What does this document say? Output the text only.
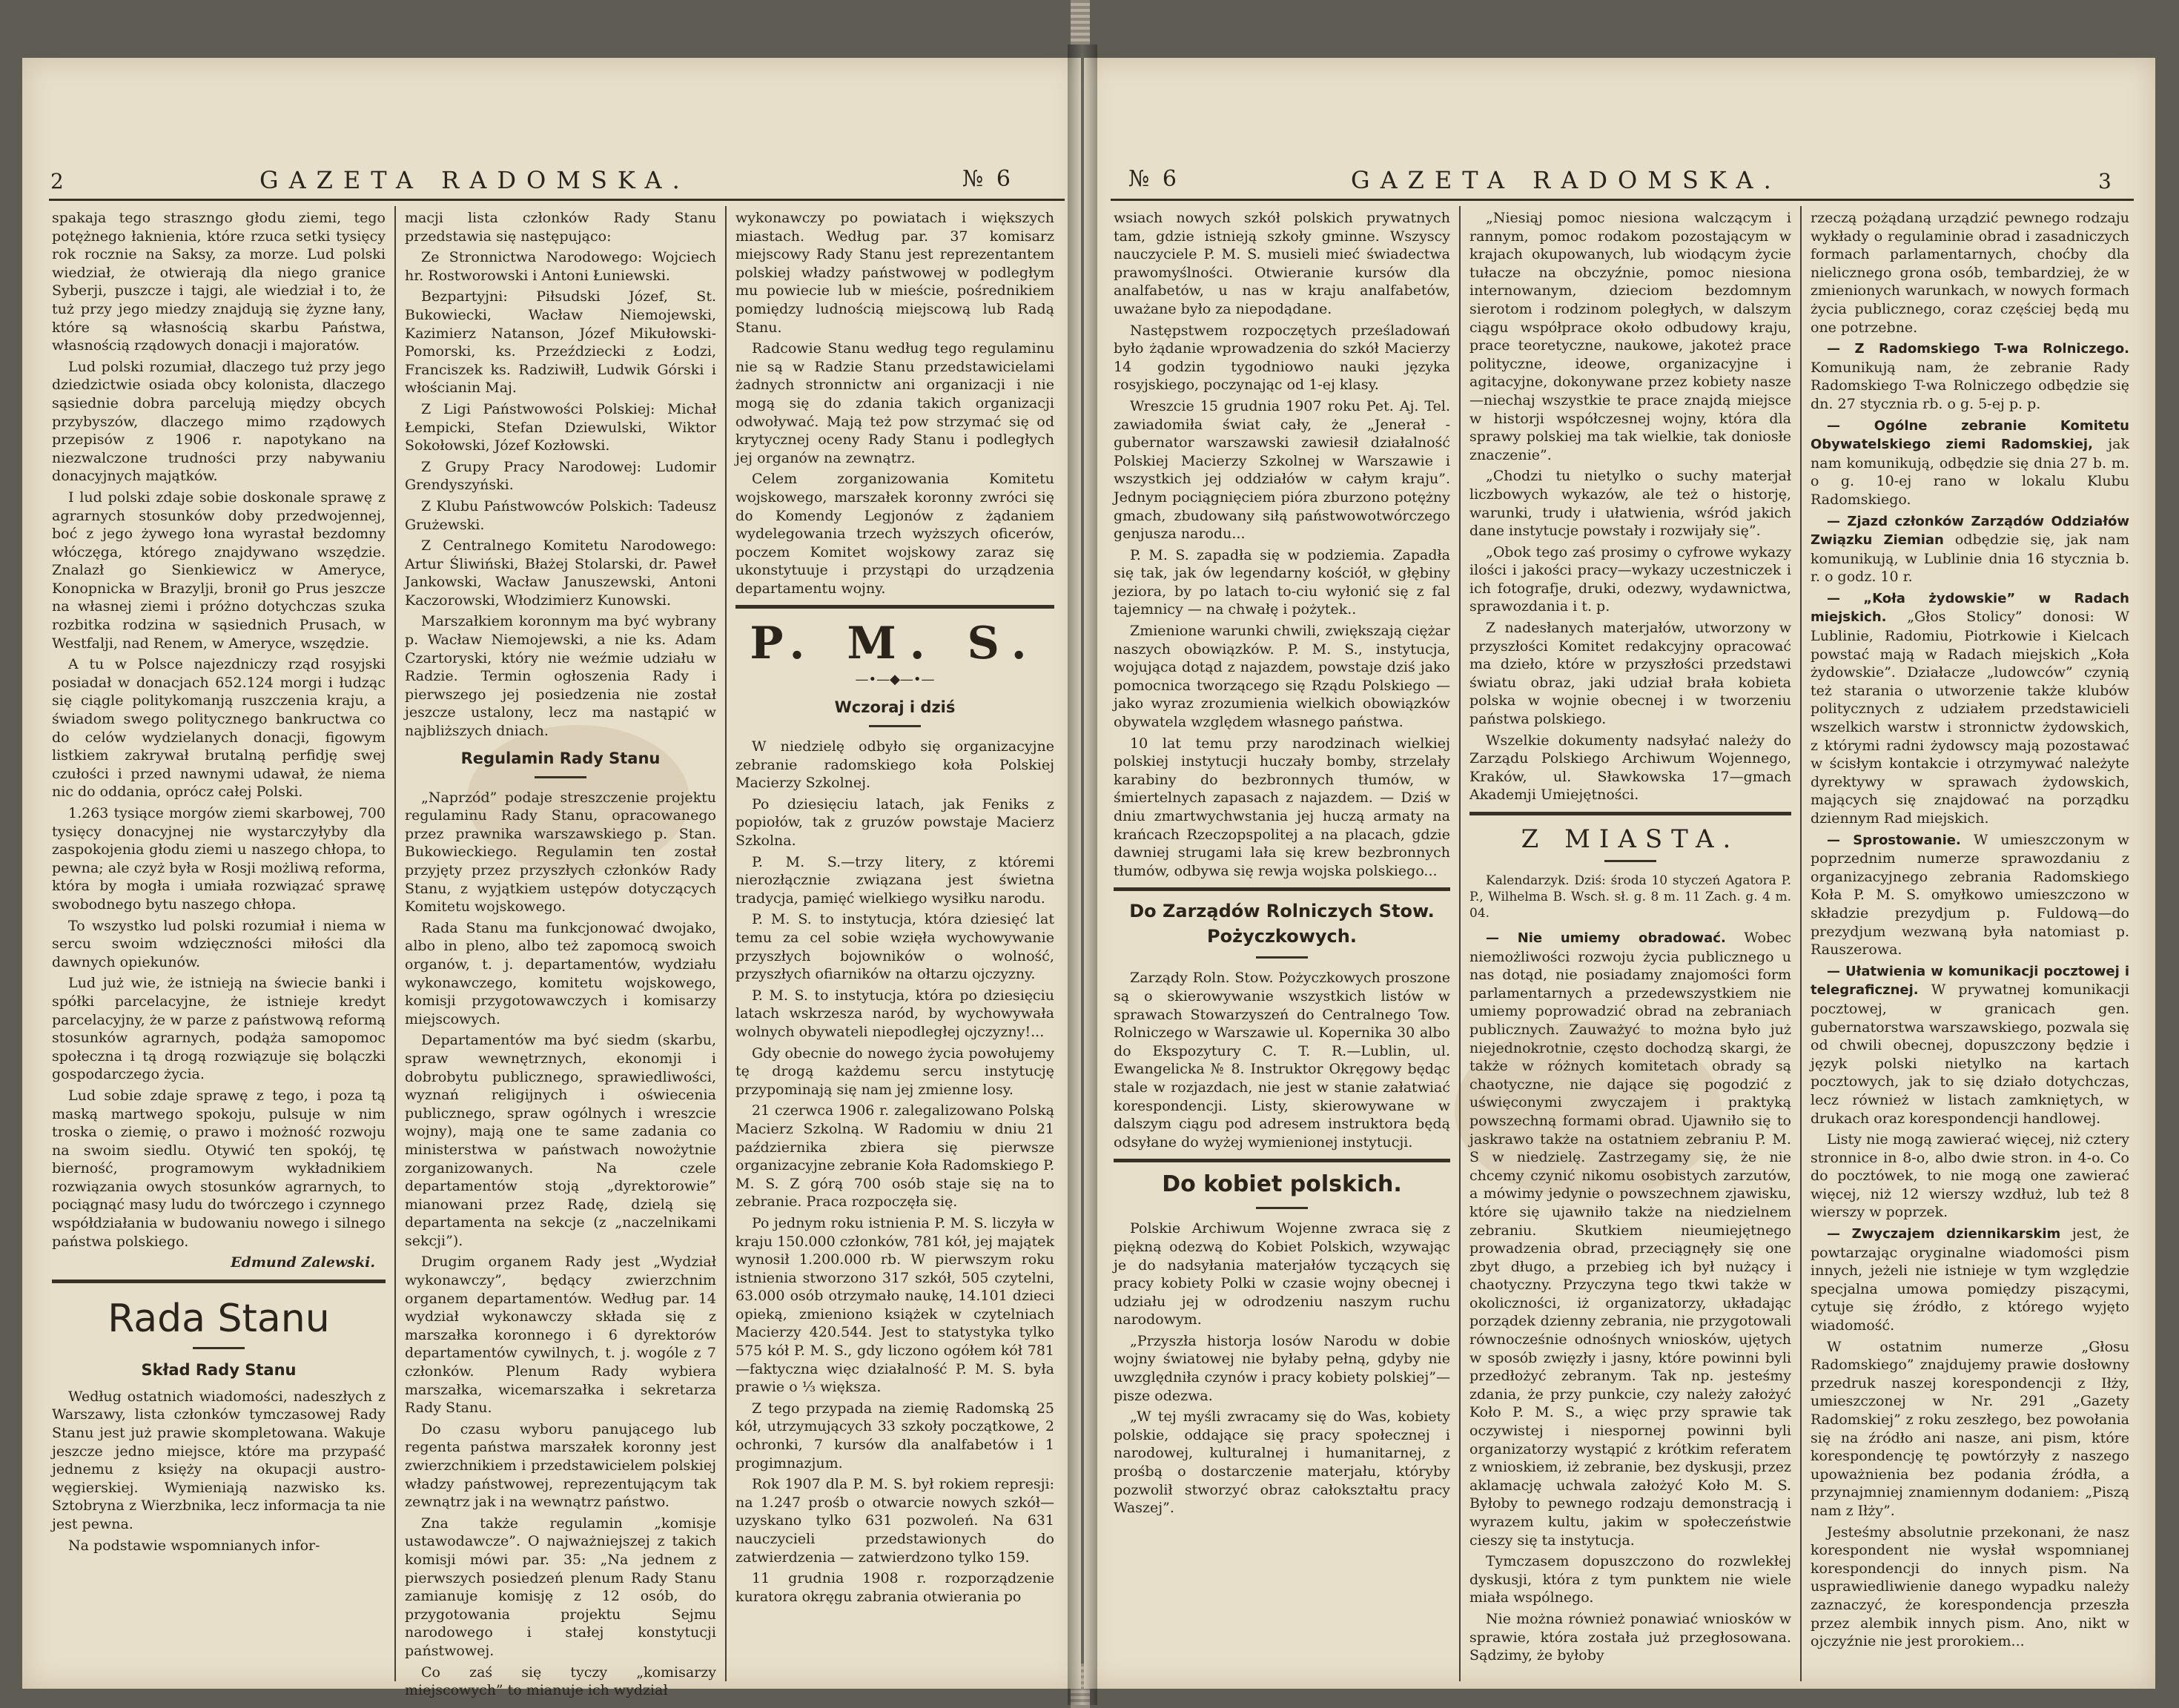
2	GAZETA RADOMSKA.	№ 6

spakaja tego straszngo głodu ziemi, tego potężnego łaknienia, które rzuca setki tysięcy rok rocznie na Saksy, za morze. Lud polski wiedział, że otwierają dla niego granice Syberji, puszcze i tajgi, ale wiedział i to, że tuż przy jego miedzy znajdują się żyzne łany, które są własnością skarbu Państwa, własnością rządowych donacji i majoratów.

Lud polski rozumiał, dlaczego tuż przy jego dziedzictwie osiada obcy kolonista, dlaczego sąsiednie dobra parcelują między obcych przybyszów, dlaczego mimo rządowych przepisów z 1906 r. napotykano na niezwalczone trudności przy nabywaniu donacyjnych majątków.

I lud polski zdaje sobie doskonale sprawę z agrarnych stosunków doby przedwojennej, boć z jego żywego łona wyrastał bezdomny włóczęga, którego znajdywano wszędzie. Znalazł go Sienkiewicz w Ameryce, Konopnicka w Brazylji, bronił go Prus jeszcze na własnej ziemi i próżno dotychczas szuka rozbitka rodzina w sąsiednich Prusach, w Westfalji, nad Renem, w Ameryce, wszędzie.

A tu w Polsce najezdniczy rząd rosyjski posiadał w donacjach 652.124 morgi i łudząc się ciągle politykomanją ruszczenia kraju, a świadom swego politycznego bankructwa co do celów wydzielanych donacji, figowym listkiem zakrywał brutalną perfidję swej czułości i przed nawnymi udawał, że niema nic do oddania, oprócz całej Polski.

1.263 tysiące morgów ziemi skarbowej, 700 tysięcy donacyjnej nie wystarczyłyby dla zaspokojenia głodu ziemi u naszego chłopa, to pewna; ale czyż była w Rosji możliwą reforma, która by mogła i umiała rozwiązać sprawę swobodnego bytu naszego chłopa.

To wszystko lud polski rozumiał i niema w sercu swoim wdzięczności miłości dla dawnych opiekunów.

Lud już wie, że istnieją na świecie banki i spółki parcelacyjne, że istnieje kredyt parcelacyjny, że w parze z państwową reformą stosunków agrarnych, podąża samopomoc społeczna i tą drogą rozwiązuje się bolączki gospodarczego życia.

Lud sobie zdaje sprawę z tego, i poza tą maską martwego spokoju, pulsuje w nim troska o ziemię, o prawo i możność rozwoju na swoim siedlu. Otywić ten spokój, tę bierność, programowym wykładnikiem rozwiązania owych stosunków agrarnych, to pociągnąć masy ludu do twórczego i czynnego współdziałania w budowaniu nowego i silnego państwa polskiego.

Edmund Zalewski.

Rada Stanu
Skład Rady Stanu

Według ostatnich wiadomości, nadeszłych z Warszawy, lista członków tymczasowej Rady Stanu jest już prawie skompletowana. Wakuje jeszcze jedno miejsce, które ma przypaść jednemu z księży na okupacji austro-węgierskiej. Wymieniają nazwisko ks. Sztobryna z Wierzbnika, lecz informacja ta nie jest pewna.

Na podstawie wspomnianych infor-

macji lista członków Rady Stanu przedstawia się następująco:

Ze Stronnictwa Narodowego: Wojciech hr. Rostworowski i Antoni Łuniewski.

Bezpartyjni: Piłsudski Józef, St. Bukowiecki, Wacław Niemojewski, Kazimierz Natanson, Józef Mikułowski-Pomorski, ks. Przeździecki z Łodzi, Franciszek ks. Radziwiłł, Ludwik Górski i włościanin Maj.

Z Ligi Państwowości Polskiej: Michał Łempicki, Stefan Dziewulski, Wiktor Sokołowski, Józef Kozłowski.

Z Grupy Pracy Narodowej: Ludomir Grendyszyński.

Z Klubu Państwowców Polskich: Tadeusz Grużewski.

Z Centralnego Komitetu Narodowego: Artur Śliwiński, Błażej Stolarski, dr. Paweł Jankowski, Wacław Januszewski, Antoni Kaczorowski, Włodzimierz Kunowski.

Marszałkiem koronnym ma być wybrany p. Wacław Niemojewski, a nie ks. Adam Czartoryski, który nie weźmie udziału w Radzie. Termin ogłoszenia Rady i pierwszego jej posiedzenia nie został jeszcze ustalony, lecz ma nastąpić w najbliższych dniach.

Regulamin Rady Stanu

„Naprzód” podaje streszczenie projektu regulaminu Rady Stanu, opracowanego przez prawnika warszawskiego p. Stan. Bukowieckiego. Regulamin ten został przyjęty przez przyszłych członków Rady Stanu, z wyjątkiem ustępów dotyczących Komitetu wojskowego.

Rada Stanu ma funkcjonować dwojako, albo in pleno, albo też zapomocą swoich organów, t. j. departamentów, wydziału wykonawczego, komitetu wojskowego, komisji przygotowawczych i komisarzy miejscowych.

Departamentów ma być siedm (skarbu, spraw wewnętrznych, ekonomji i dobrobytu publicznego, sprawiedliwości, wyznań religijnych i oświecenia publicznego, spraw ogólnych i wreszcie wojny), mają one te same zadania co ministerstwa w państwach nowożytnie zorganizowanych. Na czele departamentów stoją „dyrektorowie” mianowani przez Radę, dzielą się departamenta na sekcje (z „naczelnikami sekcji”).

Drugim organem Rady jest „Wydział wykonawczy”, będący zwierzchnim organem departamentów. Według par. 14 wydział wykonawczy składa się z marszałka koronnego i 6 dyrektorów departamentów cywilnych, t. j. wogóle z 7 członków. Plenum Rady wybiera marszałka, wicemarszałka i sekretarza Rady Stanu.

Do czasu wyboru panującego lub regenta państwa marszałek koronny jest zwierzchnikiem i przedstawicielem polskiej władzy państwowej, reprezentującym tak zewnątrz jak i na wewnątrz państwo.

Zna także regulamin „komisje ustawodawcze”. O najważniejszej z takich komisji mówi par. 35: „Na jednem z pierwszych posiedzeń plenum Rady Stanu zamianuje komisję z 12 osób, do przygotowania projektu Sejmu narodowego i stałej konstytucji państwowej.

Co zaś się tyczy „komisarzy miejscowych” to mianuje ich wydział

wykonawczy po powiatach i większych miastach. Według par. 37 komisarz miejscowy Rady Stanu jest reprezentantem polskiej władzy państwowej w podległym mu powiecie lub w mieście, pośrednikiem pomiędzy ludnością miejscową lub Radą Stanu.

Radcowie Stanu według tego regulaminu nie są w Radzie Stanu przedstawicielami żadnych stronnictw ani organizacji i nie mogą się do zdania takich organizacji odwoływać. Mają też pow strzymać się od krytycznej oceny Rady Stanu i podległych jej organów na zewnątrz.

Celem zorganizowania Komitetu wojskowego, marszałek koronny zwróci się do Komendy Legjonów z żądaniem wydelegowania trzech wyższych oficerów, poczem Komitet wojskowy zaraz się ukonstytuuje i przystąpi do urządzenia departamentu wojny.

P. M. S.
—•—◆—•—
Wczoraj i dziś

W niedzielę odbyło się organizacyjne zebranie radomskiego koła Polskiej Macierzy Szkolnej.

Po dziesięciu latach, jak Feniks z popiołów, tak z gruzów powstaje Macierz Szkolna.

P. M. S.—trzy litery, z któremi nierozłącznie związana jest świetna tradycja, pamięć wielkiego wysiłku narodu.

P. M. S. to instytucja, która dziesięć lat temu za cel sobie wzięła wychowywanie przyszłych bojowników o wolność, przyszłych ofiarników na ołtarzu ojczyzny.

P. M. S. to instytucja, która po dziesięciu latach wskrzesza naród, by wychowywała wolnych obywateli niepodległej ojczyzny!...

Gdy obecnie do nowego życia powołujemy tę drogą każdemu sercu instytucję przypominają się nam jej zmienne losy.

21 czerwca 1906 r. zalegalizowano Polską Macierz Szkolną. W Radomiu w dniu 21 października zbiera się pierwsze organizacyjne zebranie Koła Radomskiego P. M. S. Z górą 700 osób staje się na to zebranie. Praca rozpoczęła się.

Po jednym roku istnienia P. M. S. liczyła w kraju 150.000 członków, 781 kół, jej majątek wynosił 1.200.000 rb. W pierwszym roku istnienia stworzono 317 szkół, 505 czytelni, 63.000 osób otrzymało naukę, 14.101 dzieci opieką, zmieniono książek w czytelniach Macierzy 420.544. Jest to statystyka tylko 575 kół P. M. S., gdy liczono ogółem kół 781—faktyczna więc działalność P. M. S. była prawie o ⅓ większa.

Z tego przypada na ziemię Radomską 25 kół, utrzymujących 33 szkoły początkowe, 2 ochronki, 7 kursów dla analfabetów i 1 progimnazjum.

Rok 1907 dla P. M. S. był rokiem represji: na 1.247 prośb o otwarcie nowych szkół—uzyskano tylko 631 pozwoleń. Na 631 nauczycieli przedstawionych do zatwierdzenia — zatwierdzono tylko 159.

11 grudnia 1908 r. rozporządzenie kuratora okręgu zabrania otwierania po

№ 6	GAZETA RADOMSKA.	3

wsiach nowych szkół polskich prywatnych tam, gdzie istnieją szkoły gminne. Wszyscy nauczyciele P. M. S. musieli mieć świadectwa prawomyślności. Otwieranie kursów dla analfabetów, u nas w kraju analfabetów, uważane było za niepodądane.

Następstwem rozpoczętych prześladowań było żądanie wprowadzenia do szkół Macierzy 14 godzin tygodniowo nauki języka rosyjskiego, poczynając od 1-ej klasy.

Wreszcie 15 grudnia 1907 roku Pet. Aj. Tel. zawiadomiła świat cały, że „Jenerał - gubernator warszawski zawiesił działalność Polskiej Macierzy Szkolnej w Warszawie i wszystkich jej oddziałów w całym kraju”. Jednym pociągnięciem pióra zburzono potężny gmach, zbudowany siłą państwowotwórczego genjusza narodu...

P. M. S. zapadła się w podziemia. Zapadła się tak, jak ów legendarny kościół, w głębiny jeziora, by po latach to-ciu wyłonić się z fal tajemnicy — na chwałę i pożytek..

Zmienione warunki chwili, zwiększają ciężar naszych obowiązków. P. M. S., instytucja, wojująca dotąd z najazdem, powstaje dziś jako pomocnica tworzącego się Rządu Polskiego — jako wyraz zrozumienia wielkich obowiązków obywatela względem własnego państwa.

10 lat temu przy narodzinach wielkiej polskiej instytucji huczały bomby, strzelały karabiny do bezbronnych tłumów, w śmiertelnych zapasach z najazdem. — Dziś w dniu zmartwychwstania jej huczą armaty na krańcach Rzeczopspolitej a na placach, gdzie dawniej strugami lała się krew bezbronnych tłumów, odbywa się rewja wojska polskiego...

Do Zarządów Rolniczych Stow. Pożyczkowych.

Zarządy Roln. Stow. Pożyczkowych proszone są o skierowywanie wszystkich listów w sprawach Stowarzyszeń do Centralnego Tow. Rolniczego w Warszawie ul. Kopernika 30 albo do Ekspozytury C. T. R.—Lublin, ul. Ewangelicka № 8. Instruktor Okręgowy będąc stale w rozjazdach, nie jest w stanie załatwiać korespondencji. Listy, skierowywane w dalszym ciągu pod adresem instruktora będą odsyłane do wyżej wymienionej instytucji.

Do kobiet polskich.

Polskie Archiwum Wojenne zwraca się z piękną odezwą do Kobiet Polskich, wzywając je do nadsyłania materjałów tyczących się pracy kobiety Polki w czasie wojny obecnej i udziału jej w odrodzeniu naszym ruchu narodowym.

„Przyszła historja losów Narodu w dobie wojny światowej nie byłaby pełną, gdyby nie uwzględniła czynów i pracy kobiety polskiej”—pisze odezwa.

„W tej myśli zwracamy się do Was, kobiety polskie, oddające się pracy społecznej i narodowej, kulturalnej i humanitarnej, z prośbą o dostarczenie materjału, któryby pozwolił stworzyć obraz całokształtu pracy Waszej”.

„Niesiąj pomoc niesiona walczącym i rannym, pomoc rodakom pozostającym w krajach okupowanych, lub wiodącym życie tułacze na obczyźnie, pomoc niesiona internowanym, dzieciom bezdomnym sierotom i rodzinom poległych, w dalszym ciągu współprace około odbudowy kraju, prace teoretyczne, naukowe, jakoteż prace polityczne, ideowe, organizacyjne i agitacyjne, dokonywane przez kobiety nasze —niechaj wszystkie te prace znajdą miejsce w historji współczesnej wojny, która dla sprawy polskiej ma tak wielkie, tak doniosłe znaczenie”.

„Chodzi tu nietylko o suchy materjał liczbowych wykazów, ale też o historję, warunki, trudy i ułatwienia, wśród jakich dane instytucje powstały i rozwijały się”.

„Obok tego zaś prosimy o cyfrowe wykazy ilości i jakości pracy—wykazy uczestniczek i ich fotografje, druki, odezwy, wydawnictwa, sprawozdania i t. p.

Z nadesłanych materjałów, utworzony w przyszłości Komitet redakcyjny opracować ma dzieło, które w przyszłości przedstawi światu obraz, jaki udział brała kobieta polska w wojnie obecnej i w tworzeniu państwa polskiego.

Wszelkie dokumenty nadsyłać należy do Zarządu Polskiego Archiwum Wojennego, Kraków, ul. Sławkowska 17—gmach Akademji Umiejętności.

Z MIASTA.

Kalendarzyk. Dziś: środa 10 styczeń Agatora P. P., Wilhelma B. Wsch. sł. g. 8 m. 11 Zach. g. 4 m. 04.

— Nie umiemy obradować. Wobec niemożliwości rozwoju życia publicznego u nas dotąd, nie posiadamy znajomości form parlamentarnych a przedewszystkiem nie umiemy poprowadzić obrad na zebraniach publicznych. Zauważyć to można było już niejednokrotnie, często dochodzą skargi, że także w różnych komitetach obrady są chaotyczne, nie dające się pogodzić z uświęconymi zwyczajem i praktyką powszechną formami obrad. Ujawniło się to jaskrawo także na ostatniem zebraniu P. M. S w niedzielę. Zastrzegamy się, że nie chcemy czynić nikomu osobistych zarzutów, a mówimy jedynie o powszechnem zjawisku, które się ujawniło także na niedzielnem zebraniu. Skutkiem nieumiejętnego prowadzenia obrad, przeciągnęły się one zbyt długo, a przebieg ich był nużący i chaotyczny. Przyczyna tego tkwi także w okoliczności, iż organizatorzy, układając porządek dzienny zebrania, nie przygotowali równocześnie odnośnych wniosków, ujętych w sposób zwięzły i jasny, które powinni byli przedłożyć zebranym. Tak np. jesteśmy zdania, że przy punkcie, czy należy założyć Koło P. M. S., a więc przy sprawie tak oczywistej i niespornej powinni byli organizatorzy wystąpić z krótkim referatem z wnioskiem, iż zebranie, bez dyskusji, przez aklamację uchwala założyć Koło M. S. Byłoby to pewnego rodzaju demonstracją i wyrazem kultu, jakim w społeczeństwie cieszy się ta instytucja.

Tymczasem dopuszczono do rozwlekłej dyskusji, która z tym punktem nie wiele miała wspólnego.

Nie można również ponawiać wniosków w sprawie, która została już przegłosowana. Sądzimy, że byłoby

rzeczą pożądaną urządzić pewnego rodzaju wykłady o regulaminie obrad i zasadniczych formach parlamentarnych, choćby dla nielicznego grona osób, tembardziej, że w zmienionych warunkach, w nowych formach życia publicznego, coraz częściej będą mu one potrzebne.

— Z Radomskiego T-wa Rolniczego. Komunikują nam, że zebranie Rady Radomskiego T-wa Rolniczego odbędzie się dn. 27 stycznia rb. o g. 5-ej p. p.

— Ogólne zebranie Komitetu Obywatelskiego ziemi Radomskiej, jak nam komunikują, odbędzie się dnia 27 b. m. o g. 10-ej rano w lokalu Klubu Radomskiego.

— Zjazd członków Zarządów Oddziałów Związku Ziemian odbędzie się, jak nam komunikują, w Lublinie dnia 16 stycznia b. r. o godz. 10 r.

— „Koła żydowskie” w Radach miejskich. „Głos Stolicy” donosi: W Lublinie, Radomiu, Piotrkowie i Kielcach powstać mają w Radach miejskich „Koła żydowskie”. Działacze „ludowców” czynią też starania o utworzenie także klubów politycznych z udziałem przedstawicieli wszelkich warstw i stronnictw żydowskich, z którymi radni żydowscy mają pozostawać w ścisłym kontakcie i otrzymywać należyte dyrektywy w sprawach żydowskich, mających się znajdować na porządku dziennym Rad miejskich.

— Sprostowanie. W umieszczonym w poprzednim numerze sprawozdaniu z organizacyjnego zebrania Radomskiego Koła P. M. S. omyłkowo umieszczono w składzie prezydjum p. Fuldową—do prezydjum wezwaną była natomiast p. Rauszerowa.

— Ułatwienia w komunikacji pocztowej i telegraficznej. W prywatnej komunikacji pocztowej, w granicach gen. gubernatorstwa warszawskiego, pozwala się od chwili obecnej, dopuszczony będzie i język polski nietylko na kartach pocztowych, jak to się działo dotychczas, lecz również w listach zamkniętych, w drukach oraz korespondencji handlowej.

Listy nie mogą zawierać więcej, niż cztery stronnice in 8-o, albo dwie stron. in 4-o. Co do pocztówek, to nie mogą one zawierać więcej, niż 12 wierszy wzdłuż, lub też 8 wierszy w poprzek.

— Zwyczajem dziennikarskim jest, że powtarzając oryginalne wiadomości pism innych, jeżeli nie istnieje w tym względzie specjalna umowa pomiędzy piszącymi, cytuje się źródło, z którego wyjęto wiadomość.

W ostatnim numerze „Głosu Radomskiego” znajdujemy prawie dosłowny przedruk naszej korespondencji z Iłży, umieszczonej w Nr. 291 „Gazety Radomskiej” z roku zeszłego, bez powołania się na źródło ani nasze, ani pism, które korespondencję tę powtórzyły z naszego upoważnienia bez podania źródła, a przynajmniej znamiennym dodaniem: „Piszą nam z Iłży”.

Jesteśmy absolutnie przekonani, że nasz korespondent nie wysłał wspomnianej korespondencji do innych pism. Na usprawiedliwienie danego wypadku należy zaznaczyć, że korespondencja przeszła przez alembik innych pism. Ano, nikt w ojczyźnie nie jest prorokiem...
